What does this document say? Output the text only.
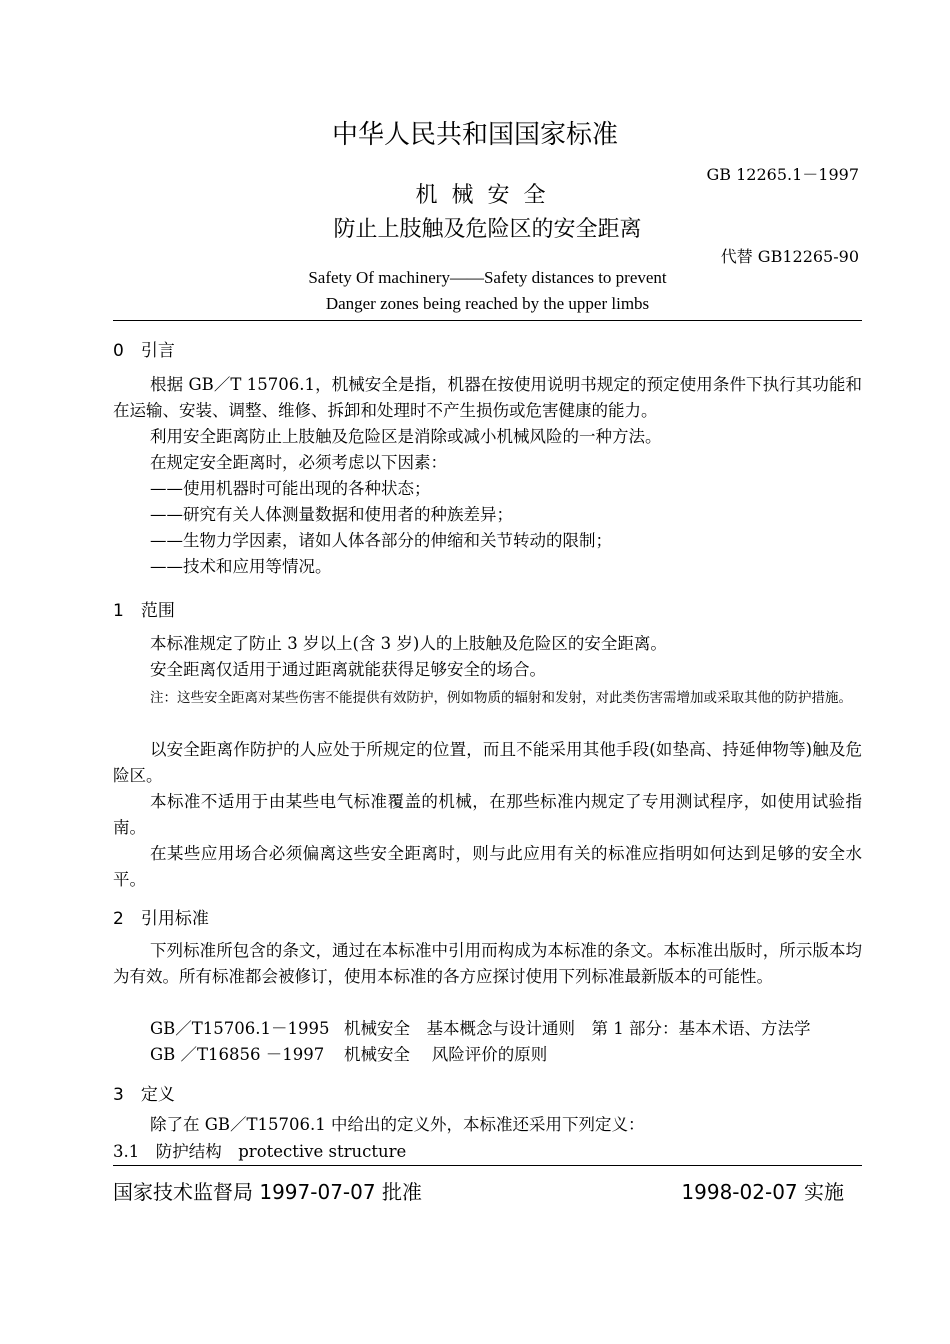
中华人民共和国国家标准
GB 12265.1－1997
机械安全
防止上肢触及危险区的安全距离
代替 GB12265-90
Safety Of machinery——Safety distances to prevent
Danger zones being reached by the upper limbs
0　引言
根据 GB／T 15706.1，机械安全是指，机器在按使用说明书规定的预定使用条件下执行其功能和在运输、安装、调整、维修、拆卸和处理时不产生损伤或危害健康的能力。
利用安全距离防止上肢触及危险区是消除或减小机械风险的一种方法。
在规定安全距离时，必须考虑以下因素：
——使用机器时可能出现的各种状态；
——研究有关人体测量数据和使用者的种族差异；
——生物力学因素，诸如人体各部分的伸缩和关节转动的限制；
——技术和应用等情况。
1　范围
本标准规定了防止 3 岁以上(含 3 岁)人的上肢触及危险区的安全距离。
安全距离仅适用于通过距离就能获得足够安全的场合。
注：这些安全距离对某些伤害不能提供有效防护，例如物质的辐射和发射，对此类伤害需增加或采取其他的防护措施。
以安全距离作防护的人应处于所规定的位置，而且不能采用其他手段(如垫高、持延伸物等)触及危险区。
本标准不适用于由某些电气标准覆盖的机械，在那些标准内规定了专用测试程序，如使用试验指南。
在某些应用场合必须偏离这些安全距离时，则与此应用有关的标准应指明如何达到足够的安全水平。
2　引用标准
下列标准所包含的条文，通过在本标准中引用而构成为本标准的条文。本标准出版时，所示版本均为有效。所有标准都会被修订，使用本标准的各方应探讨使用下列标准最新版本的可能性。
GB／T15706.1－1995 机械安全　基本概念与设计通则　第 1 部分：基本术语、方法学
GB ／T16856 －1997 机械安全　 风险评价的原则
3　定义
除了在 GB／T15706.1 中给出的定义外，本标准还采用下列定义：
3.1　防护结构　protective structure
国家技术监督局 1997-07-07 批准	1998-02-07 实施
